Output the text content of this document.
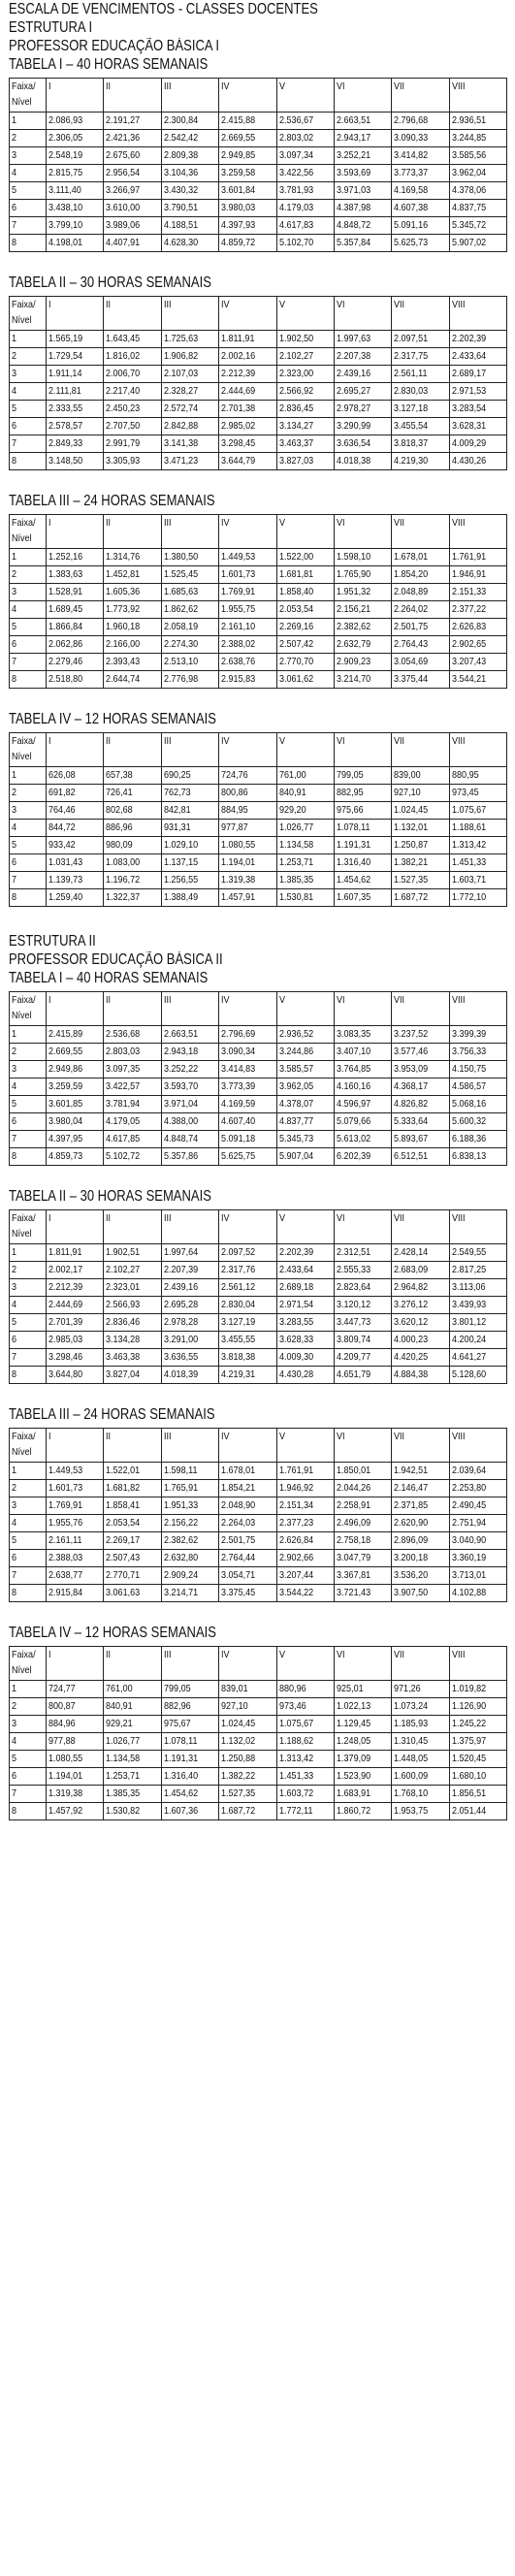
ESCALA DE VENCIMENTOS - CLASSES DOCENTES
ESTRUTURA I
PROFESSOR EDUCAÇÃO BÁSICA I
TABELA I – 40 HORAS SEMANAIS
Faixa/ Nível	I	II	III	IV	V	VI	VII	VIII
1	2.086,93	2.191,27	2.300,84	2.415,88	2.536,67	2.663,51	2.796,68	2.936,51
2	2.306,05	2.421,36	2.542,42	2.669,55	2.803,02	2.943,17	3.090,33	3.244,85
3	2.548,19	2.675,60	2.809,38	2.949,85	3.097,34	3.252,21	3.414,82	3.585,56
4	2.815,75	2.956,54	3.104,36	3.259,58	3.422,56	3.593,69	3.773,37	3.962,04
5	3.111,40	3.266,97	3.430,32	3.601,84	3.781,93	3.971,03	4.169,58	4.378,06
6	3.438,10	3.610,00	3.790,51	3.980,03	4.179,03	4.387,98	4.607,38	4.837,75
7	3.799,10	3.989,06	4.188,51	4.397,93	4.617,83	4.848,72	5.091,16	5.345,72
8	4.198,01	4.407,91	4.628,30	4.859,72	5.102,70	5.357,84	5.625,73	5.907,02
TABELA II – 30 HORAS SEMANAIS
Faixa/ Nível	I	II	III	IV	V	VI	VII	VIII
1	1.565,19	1.643,45	1.725,63	1.811,91	1.902,50	1.997,63	2.097,51	2.202,39
2	1.729,54	1.816,02	1.906,82	2.002,16	2.102,27	2.207,38	2.317,75	2.433,64
3	1.911,14	2.006,70	2.107,03	2.212,39	2.323,00	2.439,16	2.561,11	2.689,17
4	2.111,81	2.217,40	2.328,27	2.444,69	2.566,92	2.695,27	2.830,03	2.971,53
5	2.333,55	2.450,23	2.572,74	2.701,38	2.836,45	2.978,27	3.127,18	3.283,54
6	2.578,57	2.707,50	2.842,88	2.985,02	3.134,27	3.290,99	3.455,54	3.628,31
7	2.849,33	2.991,79	3.141,38	3.298,45	3.463,37	3.636,54	3.818,37	4.009,29
8	3.148,50	3.305,93	3.471,23	3.644,79	3.827,03	4.018,38	4.219,30	4.430,26
TABELA III – 24 HORAS SEMANAIS
Faixa/ Nível	I	II	III	IV	V	VI	VII	VIII
1	1.252,16	1.314,76	1.380,50	1.449,53	1.522,00	1.598,10	1.678,01	1.761,91
2	1.383,63	1.452,81	1.525,45	1.601,73	1.681,81	1.765,90	1.854,20	1.946,91
3	1.528,91	1.605,36	1.685,63	1.769,91	1.858,40	1.951,32	2.048,89	2.151,33
4	1.689,45	1.773,92	1.862,62	1.955,75	2.053,54	2.156,21	2.264,02	2.377,22
5	1.866,84	1.960,18	2.058,19	2.161,10	2.269,16	2.382,62	2.501,75	2.626,83
6	2.062,86	2.166,00	2.274,30	2.388,02	2.507,42	2.632,79	2.764,43	2.902,65
7	2.279,46	2.393,43	2.513,10	2.638,76	2.770,70	2.909,23	3.054,69	3.207,43
8	2.518,80	2.644,74	2.776,98	2.915,83	3.061,62	3.214,70	3.375,44	3.544,21
TABELA IV – 12 HORAS SEMANAIS
Faixa/ Nível	I	II	III	IV	V	VI	VII	VIII
1	626,08	657,38	690,25	724,76	761,00	799,05	839,00	880,95
2	691,82	726,41	762,73	800,86	840,91	882,95	927,10	973,45
3	764,46	802,68	842,81	884,95	929,20	975,66	1.024,45	1.075,67
4	844,72	886,96	931,31	977,87	1.026,77	1.078,11	1.132,01	1.188,61
5	933,42	980,09	1.029,10	1.080,55	1.134,58	1.191,31	1.250,87	1.313,42
6	1.031,43	1.083,00	1.137,15	1.194,01	1.253,71	1.316,40	1.382,21	1.451,33
7	1.139,73	1.196,72	1.256,55	1.319,38	1.385,35	1.454,62	1.527,35	1.603,71
8	1.259,40	1.322,37	1.388,49	1.457,91	1.530,81	1.607,35	1.687,72	1.772,10
ESTRUTURA II
PROFESSOR EDUCAÇÃO BÁSICA II
TABELA I – 40 HORAS SEMANAIS
Faixa/ Nível	I	II	III	IV	V	VI	VII	VIII
1	2.415,89	2.536,68	2.663,51	2.796,69	2.936,52	3.083,35	3.237,52	3.399,39
2	2.669,55	2.803,03	2.943,18	3.090,34	3.244,86	3.407,10	3.577,46	3.756,33
3	2.949,86	3.097,35	3.252,22	3.414,83	3.585,57	3.764,85	3.953,09	4.150,75
4	3.259,59	3.422,57	3.593,70	3.773,39	3.962,05	4.160,16	4.368,17	4.586,57
5	3.601,85	3.781,94	3.971,04	4.169,59	4.378,07	4.596,97	4.826,82	5.068,16
6	3.980,04	4.179,05	4.388,00	4.607,40	4.837,77	5.079,66	5.333,64	5.600,32
7	4.397,95	4.617,85	4.848,74	5.091,18	5.345,73	5.613,02	5.893,67	6.188,36
8	4.859,73	5.102,72	5.357,86	5.625,75	5.907,04	6.202,39	6.512,51	6.838,13
TABELA II – 30 HORAS SEMANAIS
Faixa/ Nível	I	II	III	IV	V	VI	VII	VIII
1	1.811,91	1.902,51	1.997,64	2.097,52	2.202,39	2.312,51	2.428,14	2.549,55
2	2.002,17	2.102,27	2.207,39	2.317,76	2.433,64	2.555,33	2.683,09	2.817,25
3	2.212,39	2.323,01	2.439,16	2.561,12	2.689,18	2.823,64	2.964,82	3.113,06
4	2.444,69	2.566,93	2.695,28	2.830,04	2.971,54	3.120,12	3.276,12	3.439,93
5	2.701,39	2.836,46	2.978,28	3.127,19	3.283,55	3.447,73	3.620,12	3.801,12
6	2.985,03	3.134,28	3.291,00	3.455,55	3.628,33	3.809,74	4.000,23	4.200,24
7	3.298,46	3.463,38	3.636,55	3.818,38	4.009,30	4.209,77	4.420,25	4.641,27
8	3.644,80	3.827,04	4.018,39	4.219,31	4.430,28	4.651,79	4.884,38	5.128,60
TABELA III – 24 HORAS SEMANAIS
Faixa/ Nível	I	II	III	IV	V	VI	VII	VIII
1	1.449,53	1.522,01	1.598,11	1.678,01	1.761,91	1.850,01	1.942,51	2.039,64
2	1.601,73	1.681,82	1.765,91	1.854,21	1.946,92	2.044,26	2.146,47	2.253,80
3	1.769,91	1.858,41	1.951,33	2.048,90	2.151,34	2.258,91	2.371,85	2.490,45
4	1.955,76	2.053,54	2.156,22	2.264,03	2.377,23	2.496,09	2.620,90	2.751,94
5	2.161,11	2.269,17	2.382,62	2.501,75	2.626,84	2.758,18	2.896,09	3.040,90
6	2.388,03	2.507,43	2.632,80	2.764,44	2.902,66	3.047,79	3.200,18	3.360,19
7	2.638,77	2.770,71	2.909,24	3.054,71	3.207,44	3.367,81	3.536,20	3.713,01
8	2.915,84	3.061,63	3.214,71	3.375,45	3.544,22	3.721,43	3.907,50	4.102,88
TABELA IV – 12 HORAS SEMANAIS
Faixa/ Nível	I	II	III	IV	V	VI	VII	VIII
1	724,77	761,00	799,05	839,01	880,96	925,01	971,26	1.019,82
2	800,87	840,91	882,96	927,10	973,46	1.022,13	1.073,24	1.126,90
3	884,96	929,21	975,67	1.024,45	1.075,67	1.129,45	1.185,93	1.245,22
4	977,88	1.026,77	1.078,11	1.132,02	1.188,62	1.248,05	1.310,45	1.375,97
5	1.080,55	1.134,58	1.191,31	1.250,88	1.313,42	1.379,09	1.448,05	1.520,45
6	1.194,01	1.253,71	1.316,40	1.382,22	1.451,33	1.523,90	1.600,09	1.680,10
7	1.319,38	1.385,35	1.454,62	1.527,35	1.603,72	1.683,91	1.768,10	1.856,51
8	1.457,92	1.530,82	1.607,36	1.687,72	1.772,11	1.860,72	1.953,75	2.051,44
